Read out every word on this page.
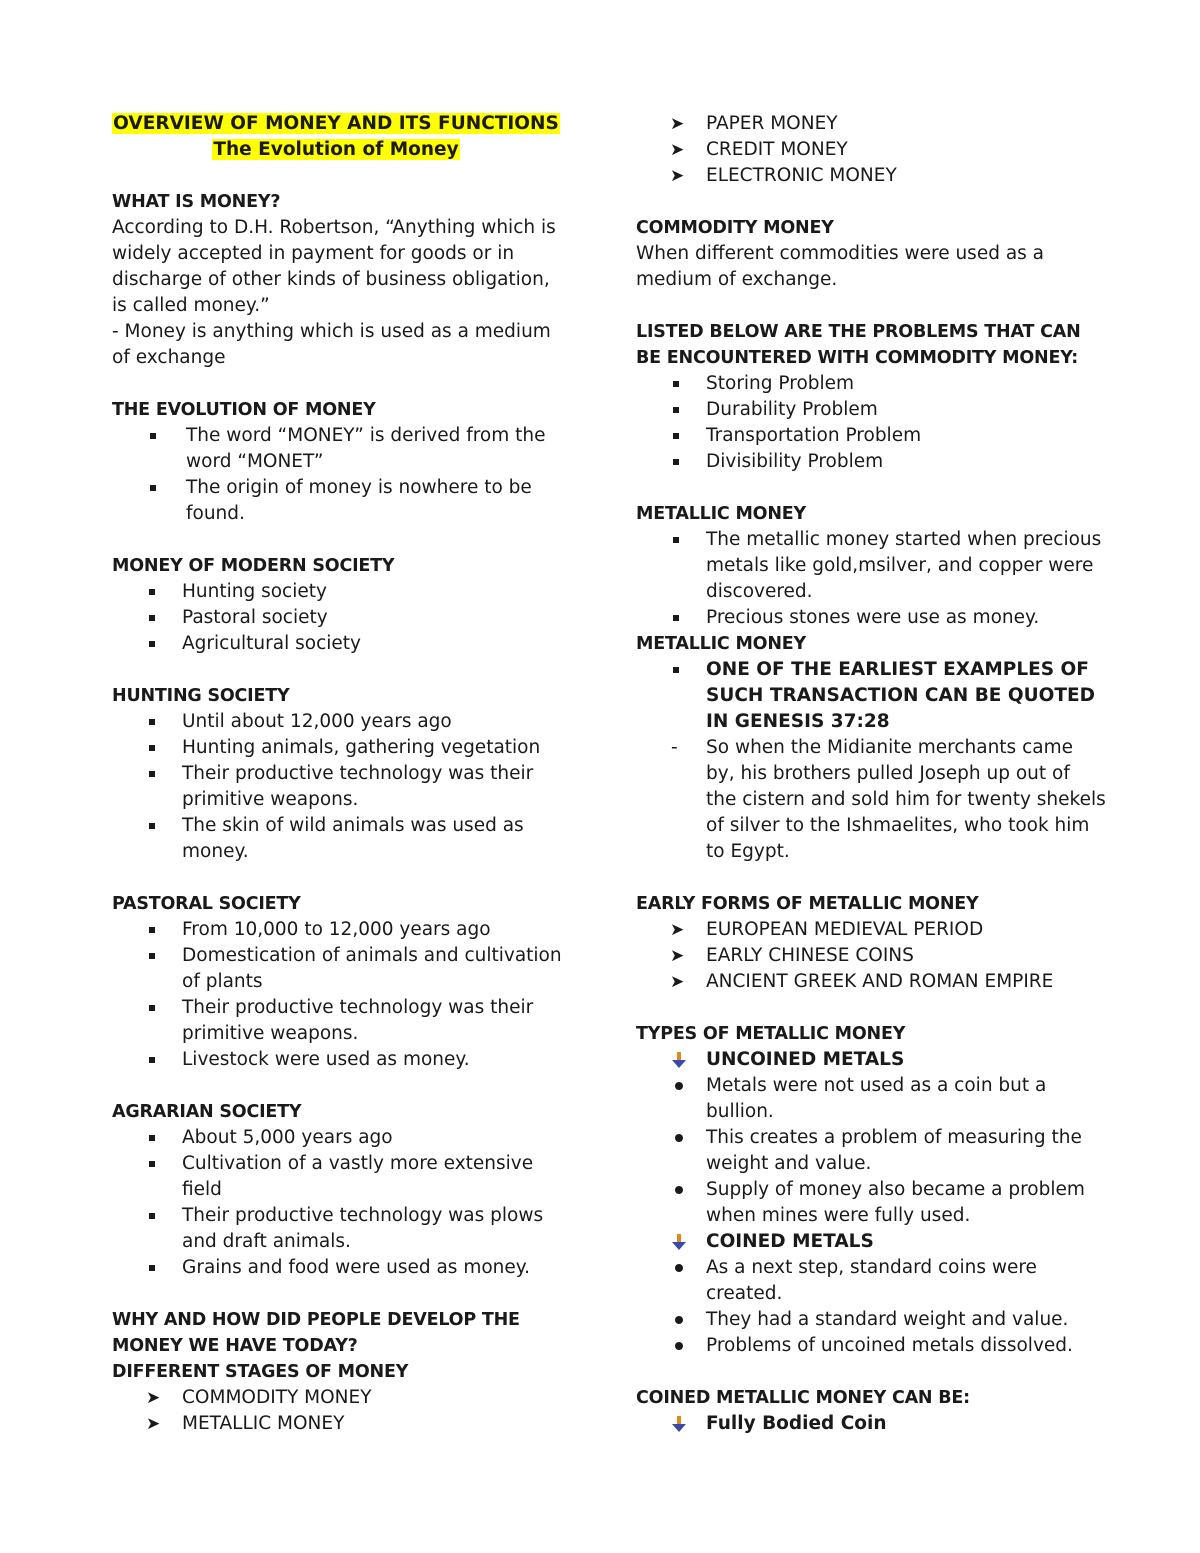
OVERVIEW OF MONEY AND ITS FUNCTIONS
The Evolution of Money
WHAT IS MONEY?

According to D.H. Robertson, “Anything which is widely accepted in payment for goods or in discharge of other kinds of business obligation, is called money.”

- Money is anything which is used as a medium of exchange

THE EVOLUTION OF MONEY
The word “MONEY” is derived from the word “MONET”
The origin of money is nowhere to be found.
MONEY OF MODERN SOCIETY
Hunting society
Pastoral society
Agricultural society
HUNTING SOCIETY
Until about 12,000 years ago
Hunting animals, gathering vegetation
Their productive technology was their primitive weapons.
The skin of wild animals was used as money.
PASTORAL SOCIETY
From 10,000 to 12,000 years ago
Domestication of animals and cultivation of plants
Their productive technology was their primitive weapons.
Livestock were used as money.
AGRARIAN SOCIETY
About 5,000 years ago
Cultivation of a vastly more extensive field
Their productive technology was plows and draft animals.
Grains and food were used as money.
WHY AND HOW DID PEOPLE DEVELOP THE MONEY WE HAVE TODAY?
DIFFERENT STAGES OF MONEY
➤ COMMODITY MONEY
➤ METALLIC MONEY
➤ PAPER MONEY
➤ CREDIT MONEY
➤ ELECTRONIC MONEY
COMMODITY MONEY

When different commodities were used as a medium of exchange.

LISTED BELOW ARE THE PROBLEMS THAT CAN BE ENCOUNTERED WITH COMMODITY MONEY:
Storing Problem
Durability Problem
Transportation Problem
Divisibility Problem
METALLIC MONEY
The metallic money started when precious metals like gold,msilver, and copper were discovered.
Precious stones were use as money.
METALLIC MONEY
ONE OF THE EARLIEST EXAMPLES OF SUCH TRANSACTION CAN BE QUOTED IN GENESIS 37:28
- So when the Midianite merchants came by, his brothers pulled Joseph up out of the cistern and sold him for twenty shekels of silver to the Ishmaelites, who took him to Egypt.
EARLY FORMS OF METALLIC MONEY
➤ EUROPEAN MEDIEVAL PERIOD
➤ EARLY CHINESE COINS
➤ ANCIENT GREEK AND ROMAN EMPIRE
TYPES OF METALLIC MONEY
UNCOINED METALS
Metals were not used as a coin but a bullion.
This creates a problem of measuring the weight and value.
Supply of money also became a problem when mines were fully used.
COINED METALS
As a next step, standard coins were created.
They had a standard weight and value.
Problems of uncoined metals dissolved.
COINED METALLIC MONEY CAN BE:
Fully Bodied Coin
